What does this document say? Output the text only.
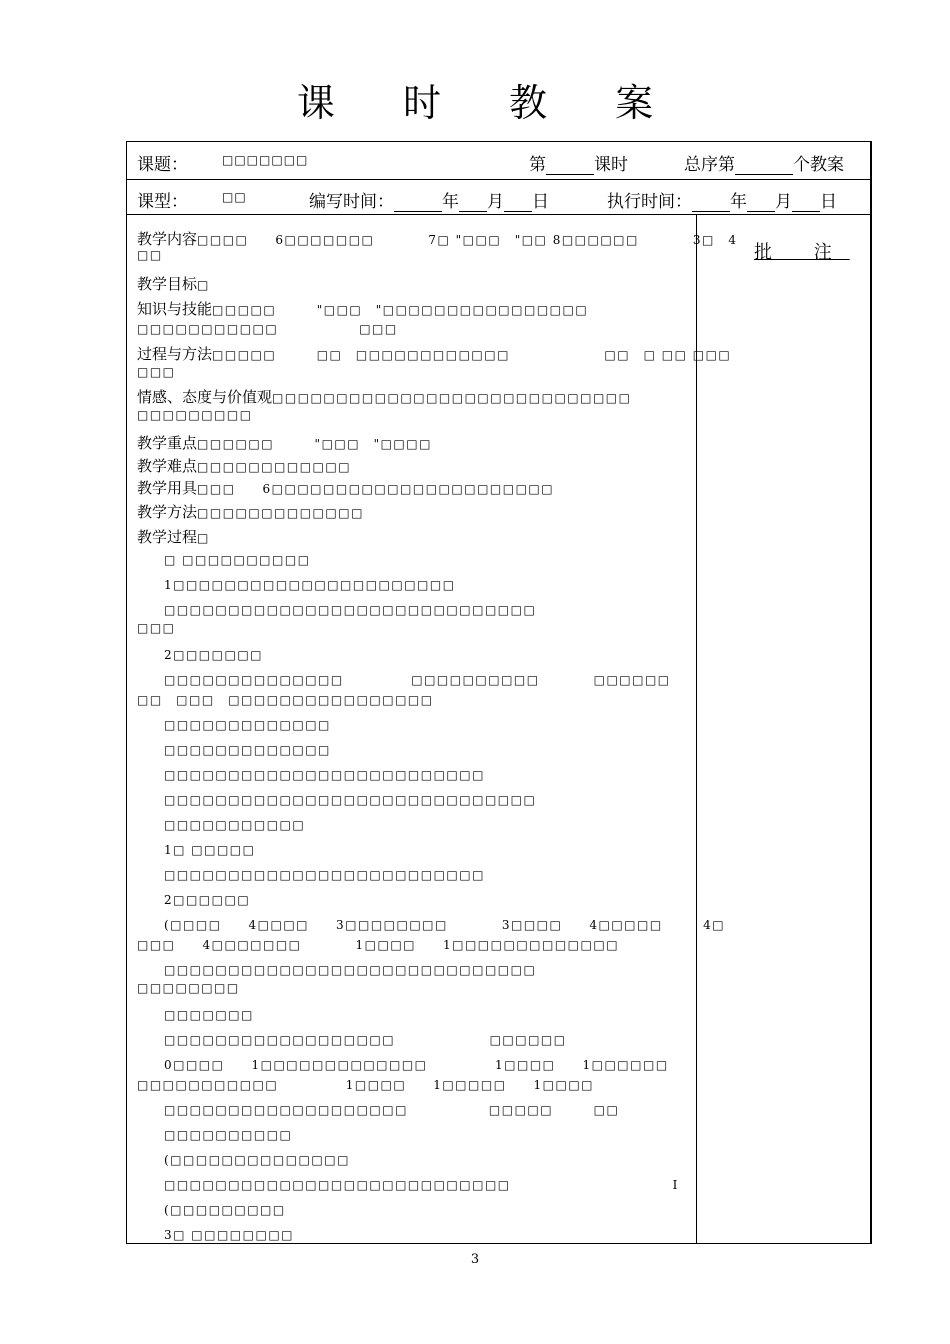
课 时 教 案
课题：	□□□□□□□	第	课时	总序第	个教案
课型：	□□	编写时间：	年 月 日	执行时间： 年 月 日
批 注
教学内容□□□□　　6□□□□□□□　　　　7□ "□□□　"□□ 8□□□□□□　　　　3□　4
□□
教学目标□
知识与技能□□□□□　　　"□□□　"□□□□□□□□□□□□□□□□
□□□□□□□□□□□　　　　　　□□□
过程与方法□□□□□　　　□□　□□□□□□□□□□□□　　　　　　　□□　□ □□ □□□
□□□
情感、态度与价值观□□□□□□□□□□□□□□□□□□□□□□□□□□□□
□□□□□□□□□
教学重点□□□□□□　　　"□□□　"□□□□
教学难点□□□□□□□□□□□□
教学用具□□□　　6□□□□□□□□□□□□□□□□□□□□□□
教学方法□□□□□□□□□□□□□
教学过程□
　　□ □□□□□□□□□□
　　1□□□□□□□□□□□□□□□□□□□□□□
　　□□□□□□□□□□□□□□□□□□□□□□□□□□□□□
□□□
　　2□□□□□□□
　　□□□□□□□□□□□□□□　　　　　□□□□□□□□□□　　　　□□□□□□
□□　□□□　□□□□□□□□□□□□□□□□
　　□□□□□□□□□□□□□
　　□□□□□□□□□□□□□
　　□□□□□□□□□□□□□□□□□□□□□□□□□
　　□□□□□□□□□□□□□□□□□□□□□□□□□□□□□
　　□□□□□□□□□□□
　　1□ □□□□□
　　□□□□□□□□□□□□□□□□□□□□□□□□□
　　2□□□□□□
　　(□□□□　　4□□□□　　3□□□□□□□□　　　　3□□□□　　4□□□□□　　　4□
□□□　　4□□□□□□□　　　　1□□□□　　1□□□□□□□□□□□□□
　　□□□□□□□□□□□□□□□□□□□□□□□□□□□□□
□□□□□□□□
　　□□□□□□□
　　□□□□□□□□□□□□□□□□□□　　　　　　　□□□□□□
　　0□□□□　　1□□□□□□□□□□□□□　　　　　1□□□□　　1□□□□□□
□□□□□□□□□□□　　　　　1□□□□　　1□□□□□　　1□□□□
　　□□□□□□□□□□□□□□□□□□□　　　　　　□□□□□　　　□□
　　□□□□□□□□□□
　　(□□□□□□□□□□□□□□
　　□□□□□□□□□□□□□□□□□□□□□□□□□□□　　　　　　　　　　　　I
　　(□□□□□□□□□
　　3□ □□□□□□□□
3
